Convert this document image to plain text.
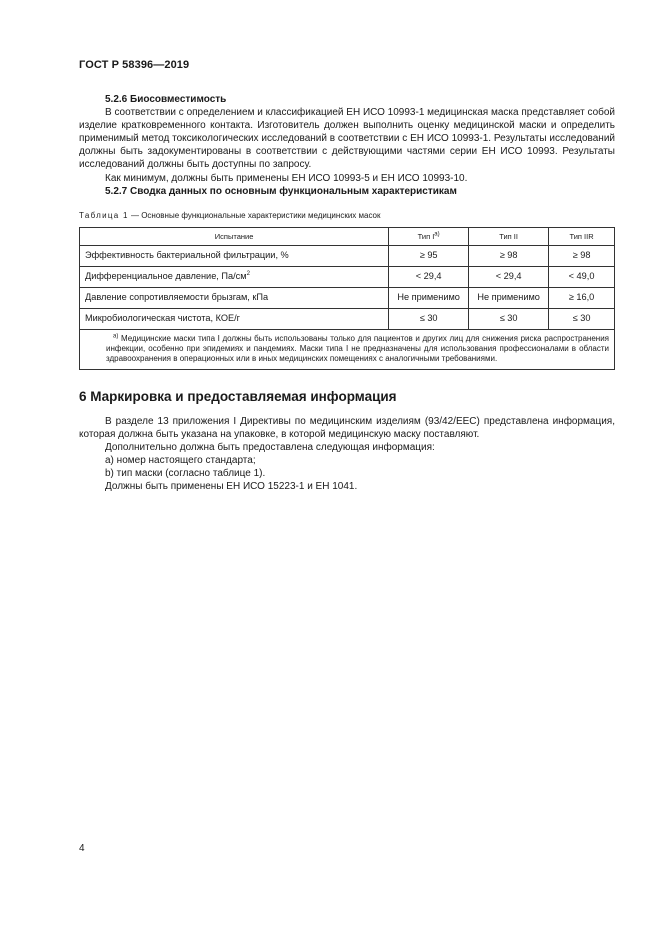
ГОСТ Р 58396—2019

5.2.6 Биосовместимость

В соответствии с определением и классификацией ЕН ИСО 10993-1 медицинская маска представляет собой изделие кратковременного контакта. Изготовитель должен выполнить оценку медицинской маски и определить применимый метод токсикологических исследований в соответствии с ЕН ИСО 10993-1. Результаты исследований должны быть задокументированы в соответствии с действующими частями серии ЕН ИСО 10993. Результаты исследований должны быть доступны по запросу.

Как минимум, должны быть применены ЕН ИСО 10993-5 и ЕН ИСО 10993-10.

5.2.7 Сводка данных по основным функциональным характеристикам

Таблица 1 — Основные функциональные характеристики медицинских масок
Испытание	Тип $I^{a)}$	Тип II	Тип IIR
Эффективность бактериальной фильтрации, %	≥ 95	≥ 98	≥ 98
Дифференциальное давление, $Па/см^2$	< 29,4	< 29,4	< 49,0
Давление сопротивляемости брызгам, кПа	Не применимо	Не применимо	≥ 16,0
Микробиологическая чистота, КОЕ/г	≤ 30	≤ 30	≤ 30
$^{a)}$ Медицинские маски типа I должны быть использованы только для пациентов и других лиц для снижения риска распространения инфекции, особенно при эпидемиях и пандемиях. Маски типа I не предназначены для использования профессионалами в области здравоохранения в операционных или в иных медицинских помещениях с аналогичными требованиями.			
6 Маркировка и предоставляемая информация

В разделе 13 приложения I Директивы по медицинским изделиям (93/42/EEC) представлена информация, которая должна быть указана на упаковке, в которой медицинскую маску поставляют.

Дополнительно должна быть предоставлена следующая информация:

a) номер настоящего стандарта;

b) тип маски (согласно таблице 1).

Должны быть применены ЕН ИСО 15223-1 и ЕН 1041.

4
